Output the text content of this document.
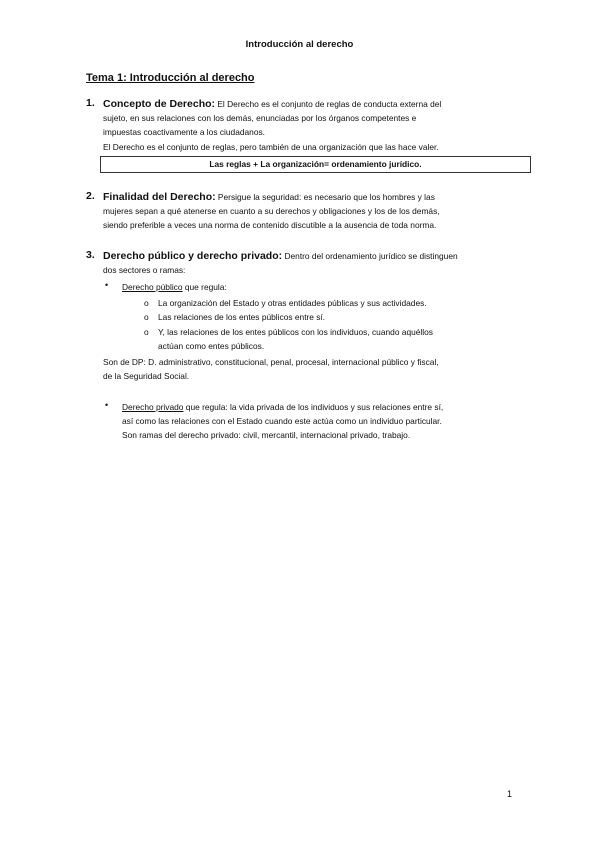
Introducción al derecho
Tema 1: Introducción al derecho
1. Concepto de Derecho: El Derecho es el conjunto de reglas de conducta externa del
sujeto, en sus relaciones con los demás, enunciadas por los órganos competentes e
impuestas coactivamente a los ciudadanos.
El Derecho es el conjunto de reglas, pero también de una organización que las hace valer.
Las reglas + La organización= ordenamiento jurídico.
2. Finalidad del Derecho: Persigue la seguridad: es necesario que los hombres y las
mujeres sepan a qué atenerse en cuanto a su derechos y obligaciones y los de los demás,
siendo preferible a veces una norma de contenido discutible a la ausencia de toda norma.
3. Derecho público y derecho privado: Dentro del ordenamiento jurídico se distinguen
dos sectores o ramas:
• Derecho público que regula:
o La organización del Estado y otras entidades públicas y sus actividades.
o Las relaciones de los entes públicos entre sí.
o Y, las relaciones de los entes públicos con los individuos, cuando aquéllos
actúan como entes públicos.
Son de DP: D. administrativo, constitucional, penal, procesal, internacional público y fiscal,
de la Seguridad Social.
• Derecho privado que regula: la vida privada de los individuos y sus relaciones entre sí,
así como las relaciones con el Estado cuando este actúa como un individuo particular.
Son ramas del derecho privado: civil, mercantil, internacional privado, trabajo.
1
